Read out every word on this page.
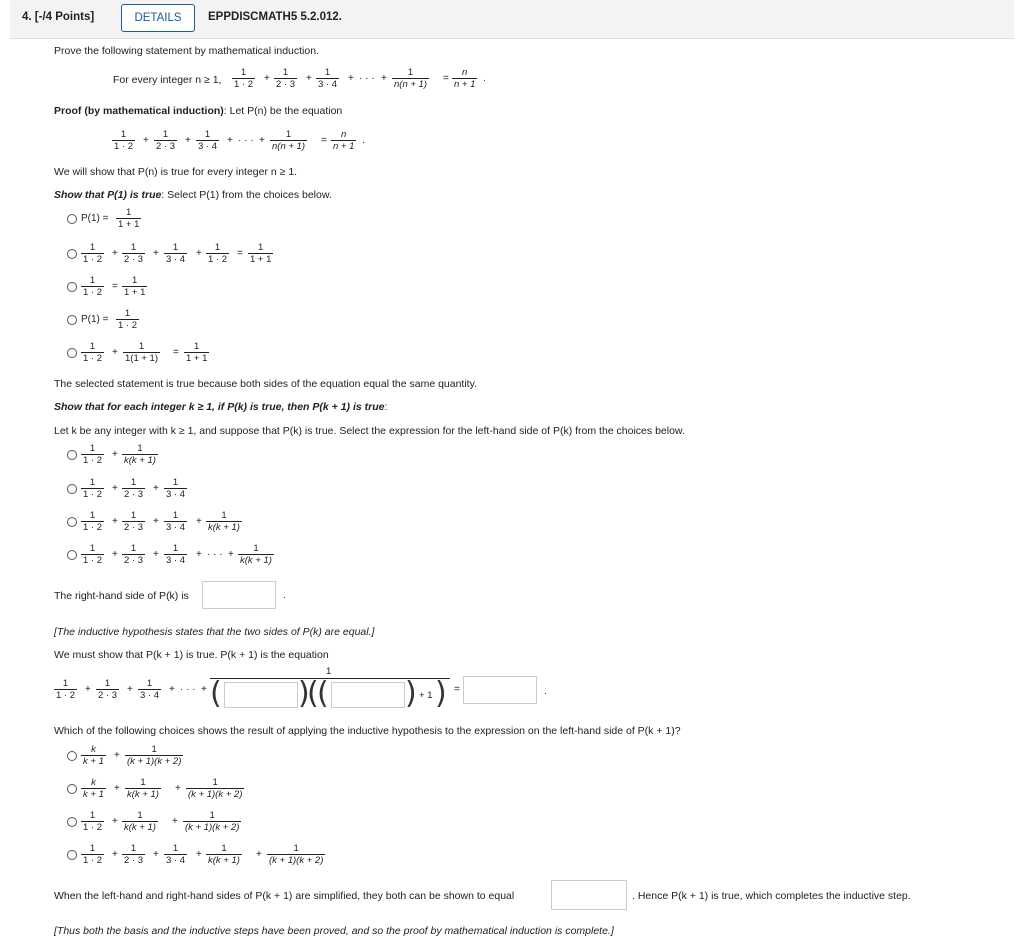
4. [-/4 Points]	DETAILS	EPPDISCMATH5 5.2.012.
Prove the following statement by mathematical induction.
For every integer n ≥ 1, $\frac{1}{1 \cdot 2} + \frac{1}{2 \cdot 3} + \frac{1}{3 \cdot 4}$ + · · · + $\frac{1}{n(n + 1)} = \frac{n}{n + 1}$ .
Proof (by mathematical induction): Let P(n) be the equation
$\frac{1}{1 \cdot 2} + \frac{1}{2 \cdot 3} + \frac{1}{3 \cdot 4}$ + · · · + $\frac{1}{n(n + 1)} = \frac{n}{n + 1}$ .
We will show that P(n) is true for every integer n ≥ 1.
Show that P(1) is true: Select P(1) from the choices below.
$P(1) = \frac{1}{1 + 1}$
$\frac{1}{1 \cdot 2} + \frac{1}{2 \cdot 3} + \frac{1}{3 \cdot 4} + \frac{1}{1 \cdot 2} = \frac{1}{1 + 1}$
$\frac{1}{1 \cdot 2} = \frac{1}{1 + 1}$
$P(1) = \frac{1}{1 \cdot 2}$
$\frac{1}{1 \cdot 2} + \frac{1}{1(1 + 1)} = \frac{1}{1 + 1}$
The selected statement is true because both sides of the equation equal the same quantity.
Show that for each integer k ≥ 1, if P(k) is true, then P(k + 1) is true:
Let k be any integer with k ≥ 1, and suppose that P(k) is true. Select the expression for the left-hand side of P(k) from the choices below.
$\frac{1}{1 \cdot 2} + \frac{1}{k(k + 1)}$
$\frac{1}{1 \cdot 2} + \frac{1}{2 \cdot 3} + \frac{1}{3 \cdot 4}$
$\frac{1}{1 \cdot 2} + \frac{1}{2 \cdot 3} + \frac{1}{3 \cdot 4} + \frac{1}{k(k + 1)}$
$\frac{1}{1 \cdot 2} + \frac{1}{2 \cdot 3} + \frac{1}{3 \cdot 4}$ + · · · + $\frac{1}{k(k + 1)}$
The right-hand side of P(k) is	.
[The inductive hypothesis states that the two sides of P(k) are equal.]
We must show that P(k + 1) is true. P(k + 1) is the equation
$\frac{1}{1 \cdot 2} + \frac{1}{2 \cdot 3} + \frac{1}{3 \cdot 4}$ + · · · +
1
(	)
(
(	) + 1 ) =	.
Which of the following choices shows the result of applying the inductive hypothesis to the expression on the left-hand side of P(k + 1)?
$\frac{k}{k + 1} + \frac{1}{(k + 1)(k + 2)}$
$\frac{k}{k + 1} + \frac{1}{k(k + 1)} + \frac{1}{(k + 1)(k + 2)}$
$\frac{1}{1 \cdot 2} + \frac{1}{k(k + 1)} + \frac{1}{(k + 1)(k + 2)}$
$\frac{1}{1 \cdot 2} + \frac{1}{2 \cdot 3} + \frac{1}{3 \cdot 4} + \frac{1}{k(k + 1)} + \frac{1}{(k + 1)(k + 2)}$
When the left-hand and right-hand sides of P(k + 1) are simplified, they both can be shown to equal	. Hence P(k + 1) is true, which completes the inductive step.
[Thus both the basis and the inductive steps have been proved, and so the proof by mathematical induction is complete.]
